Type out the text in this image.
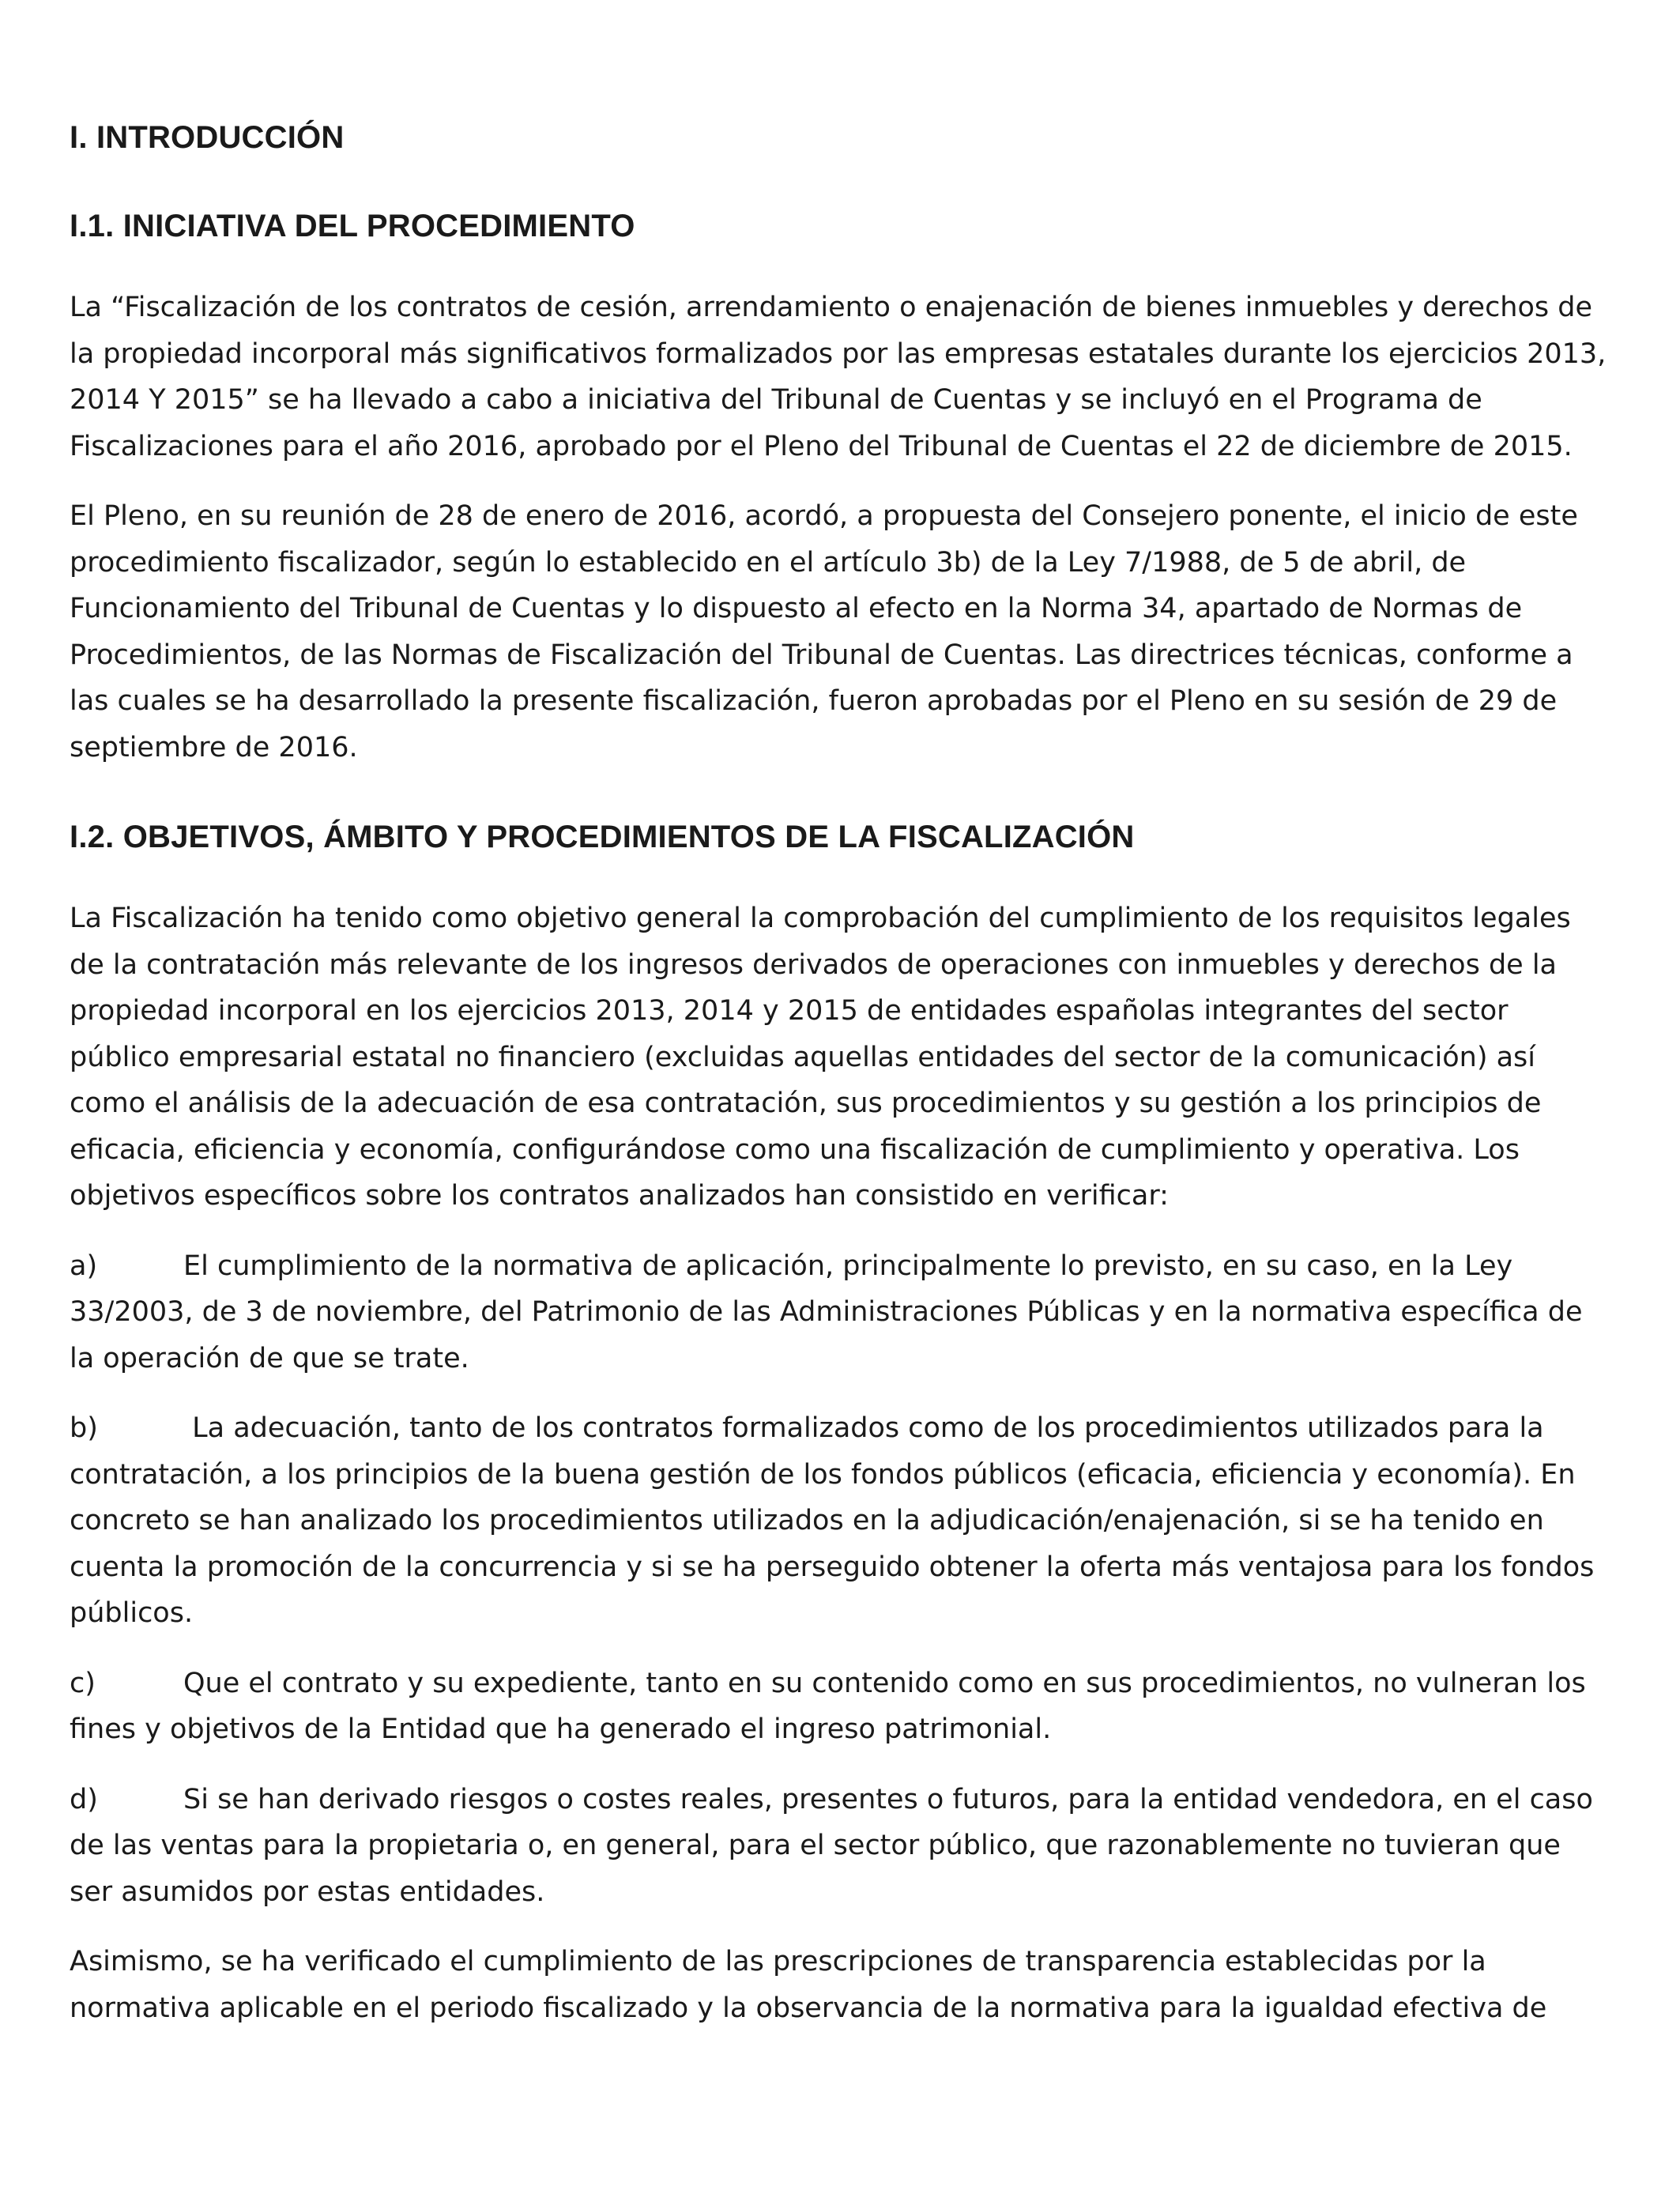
I. INTRODUCCIÓN
I.1. INICIATIVA DEL PROCEDIMIENTO

La “Fiscalización de los contratos de cesión, arrendamiento o enajenación de bienes inmuebles y derechos de la propiedad incorporal más significativos formalizados por las empresas estatales durante los ejercicios 2013, 2014 Y 2015” se ha llevado a cabo a iniciativa del Tribunal de Cuentas y se incluyó en el Programa de Fiscalizaciones para el año 2016, aprobado por el Pleno del Tribunal de Cuentas el 22 de diciembre de 2015.

El Pleno, en su reunión de 28 de enero de 2016, acordó, a propuesta del Consejero ponente, el inicio de este procedimiento fiscalizador, según lo establecido en el artículo 3b) de la Ley 7/1988, de 5 de abril, de Funcionamiento del Tribunal de Cuentas y lo dispuesto al efecto en la Norma 34, apartado de Normas de Procedimientos, de las Normas de Fiscalización del Tribunal de Cuentas. Las directrices técnicas, conforme a las cuales se ha desarrollado la presente fiscalización, fueron aprobadas por el Pleno en su sesión de 29 de septiembre de 2016.

I.2. OBJETIVOS, ÁMBITO Y PROCEDIMIENTOS DE LA FISCALIZACIÓN

La Fiscalización ha tenido como objetivo general la comprobación del cumplimiento de los requisitos legales de la contratación más relevante de los ingresos derivados de operaciones con inmuebles y derechos de la propiedad incorporal en los ejercicios 2013, 2014 y 2015 de entidades españolas integrantes del sector público empresarial estatal no financiero (excluidas aquellas entidades del sector de la comunicación) así como el análisis de la adecuación de esa contratación, sus procedimientos y su gestión a los principios de eficacia, eficiencia y economía, configurándose como una fiscalización de cumplimiento y operativa. Los objetivos específicos sobre los contratos analizados han consistido en verificar:

a)	El cumplimiento de la normativa de aplicación, principalmente lo previsto, en su caso, en la Ley 33/2003, de 3 de noviembre, del Patrimonio de las Administraciones Públicas y en la normativa específica de la operación de que se trate.

b)	La adecuación, tanto de los contratos formalizados como de los procedimientos utilizados para la contratación, a los principios de la buena gestión de los fondos públicos (eficacia, eficiencia y economía). En concreto se han analizado los procedimientos utilizados en la adjudicación/enajenación, si se ha tenido en cuenta la promoción de la concurrencia y si se ha perseguido obtener la oferta más ventajosa para los fondos públicos.

c)	Que el contrato y su expediente, tanto en su contenido como en sus procedimientos, no vulneran los fines y objetivos de la Entidad que ha generado el ingreso patrimonial.

d)	Si se han derivado riesgos o costes reales, presentes o futuros, para la entidad vendedora, en el caso de las ventas para la propietaria o, en general, para el sector público, que razonablemente no tuvieran que ser asumidos por estas entidades.

Asimismo, se ha verificado el cumplimiento de las prescripciones de transparencia establecidas por la normativa aplicable en el periodo fiscalizado y la observancia de la normativa para la igualdad efectiva de
